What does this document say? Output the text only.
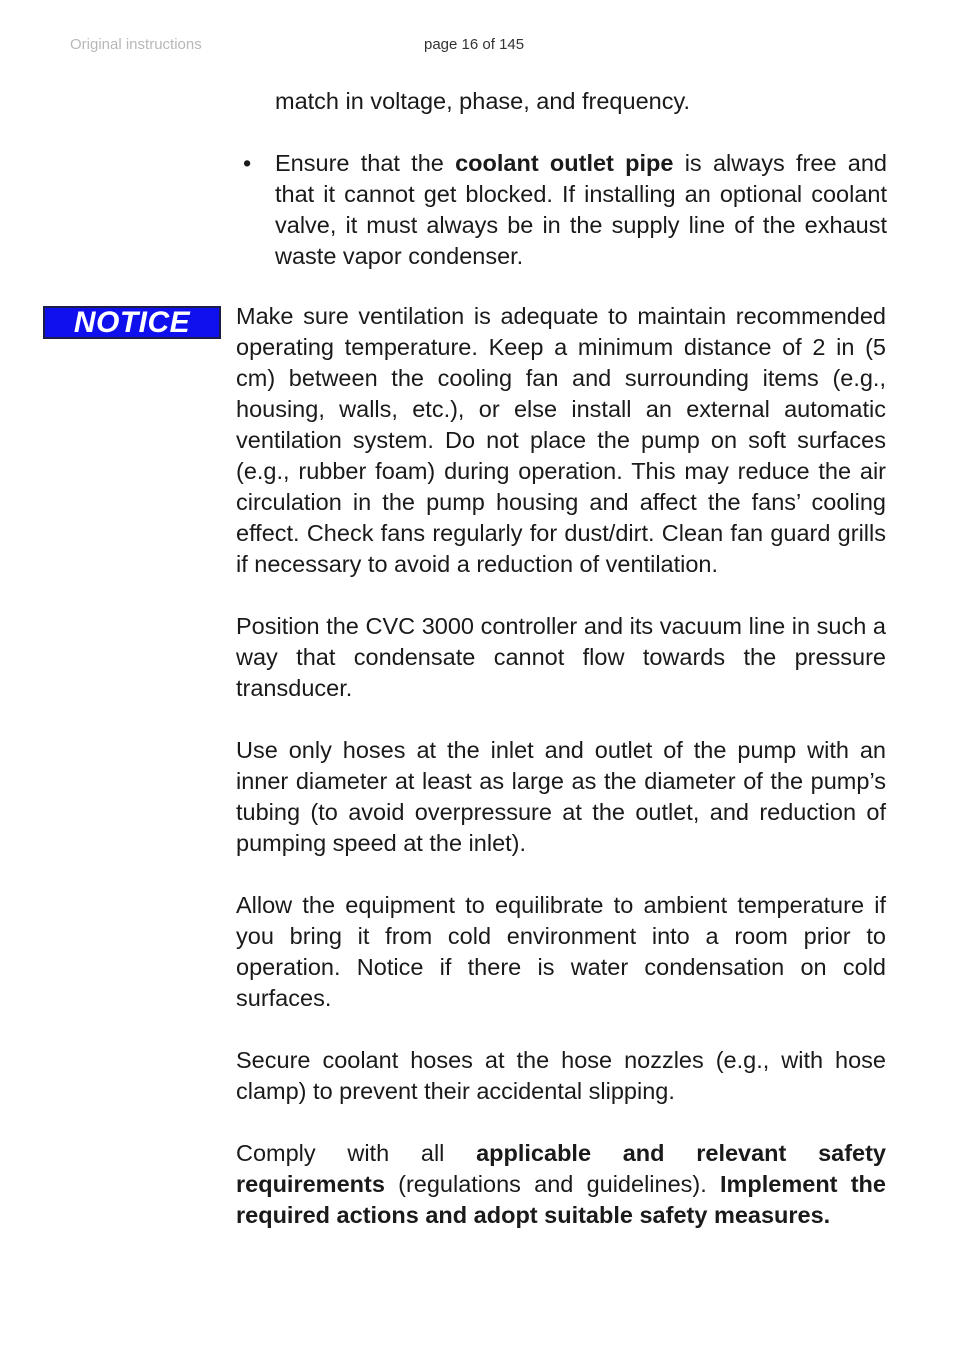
Original instructions	page 16 of 145
match in voltage, phase, and frequency.
•	Ensure that the coolant outlet pipe is always free and that it cannot get blocked. If installing an optional coolant valve, it must always be in the supply line of the exhaust waste vapor condenser.
NOTICE Make sure ventilation is adequate to maintain recommended operating temperature. Keep a minimum distance of 2 in (5 cm) between the cooling fan and surrounding items (e.g., housing, walls, etc.), or else install an external automatic ventilation system. Do not place the pump on soft surfaces (e.g., rubber foam) during operation. This may reduce the air circulation in the pump housing and affect the fans’ cooling effect. Check fans regularly for dust/dirt. Clean fan guard grills if necessary to avoid a reduction of ventilation.

Position the CVC 3000 controller and its vacuum line in such a way that condensate cannot flow towards the pressure transducer.

Use only hoses at the inlet and outlet of the pump with an inner diameter at least as large as the diameter of the pump’s tubing (to avoid overpressure at the outlet, and reduction of pumping speed at the inlet).

Allow the equipment to equilibrate to ambient temperature if you bring it from cold environment into a room prior to operation. Notice if there is water condensation on cold surfaces.

Secure coolant hoses at the hose nozzles (e.g., with hose clamp) to prevent their accidental slipping.

Comply with all applicable and relevant safety requirements (regulations and guidelines). Implement the required actions and adopt suitable safety measures.
